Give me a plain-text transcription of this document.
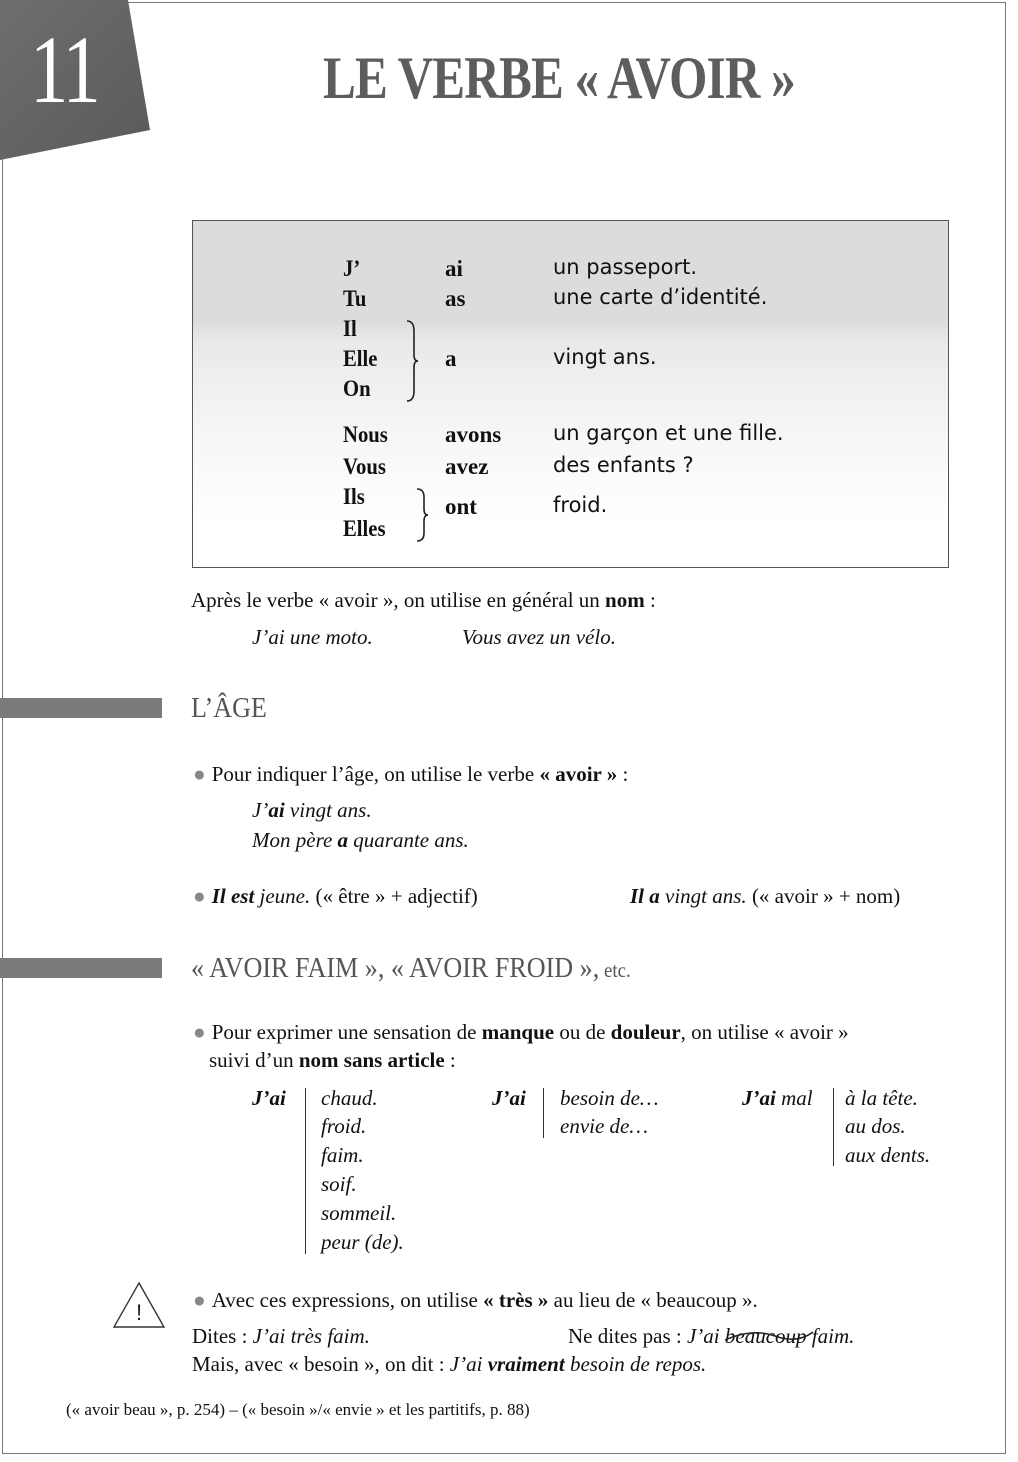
11	LE VERBE « AVOIR »
J’	ai	un passeport.
Tu	as	une carte d’identité.
Il
Elle
On
a	vingt ans.
Nous avons un garçon et une fille.
Vous	avez	des enfants ?
Ils
Elles
ont	froid.
Après le verbe « avoir », on utilise en général un nom :
J’ai une moto.	Vous avez un vélo.
L’ÂGE
● Pour indiquer l’âge, on utilise le verbe « avoir » :
J’ai vingt ans.
Mon père a quarante ans.
● Il est jeune. (« être » + adjectif)	Il a vingt ans. (« avoir » + nom)
« AVOIR FAIM », « AVOIR FROID », etc.
● Pour exprimer une sensation de manque ou de douleur, on utilise « avoir »
suivi d’un nom sans article :
J’ai chaud.
froid.
faim.
soif.
sommeil.
peur (de).
J’ai besoin de…
envie de…
J’ai mal à la tête.
au dos.
aux dents.
! ● Avec ces expressions, on utilise « très » au lieu de « beaucoup ».
Dites : J’ai très faim.	Ne dites pas : J’ai beaucoup
faim.
Mais, avec « besoin », on dit : J’ai vraiment besoin de repos.
(« avoir beau », p. 254) – (« besoin »/« envie » et les partitifs, p. 88)
